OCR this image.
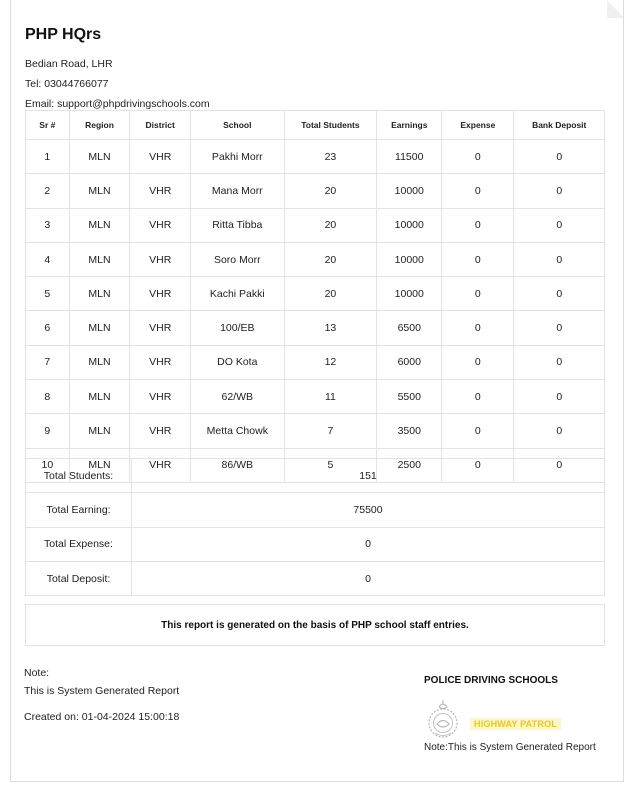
PHP HQrs
Bedian Road, LHR
Tel: 03044766077
Email: support@phpdrivingschools.com
Sr #	Region	District	School	Total Students	Earnings	Expense	Bank Deposit
1	MLN	VHR	Pakhi Morr	23	11500	0	0
2	MLN	VHR	Mana Morr	20	10000	0	0
3	MLN	VHR	Ritta Tibba	20	10000	0	0
4	MLN	VHR	Soro Morr	20	10000	0	0
5	MLN	VHR	Kachi Pakki	20	10000	0	0
6	MLN	VHR	100/EB	13	6500	0	0
7	MLN	VHR	DO Kota	12	6000	0	0
8	MLN	VHR	62/WB	11	5500	0	0
9	MLN	VHR	Metta Chowk	7	3500	0	0
10	MLN	VHR	86/WB	5	2500	0	0
Total Students:	151
Total Earning:	75500
Total Expense:	0
Total Deposit:	0
This report is generated on the basis of PHP school staff entries.
Note:
This is System Generated Report
Created on: 01-04-2024 15:00:18
POLICE DRIVING SCHOOLS
HIGHWAY PATROL
Note:This is System Generated Report
